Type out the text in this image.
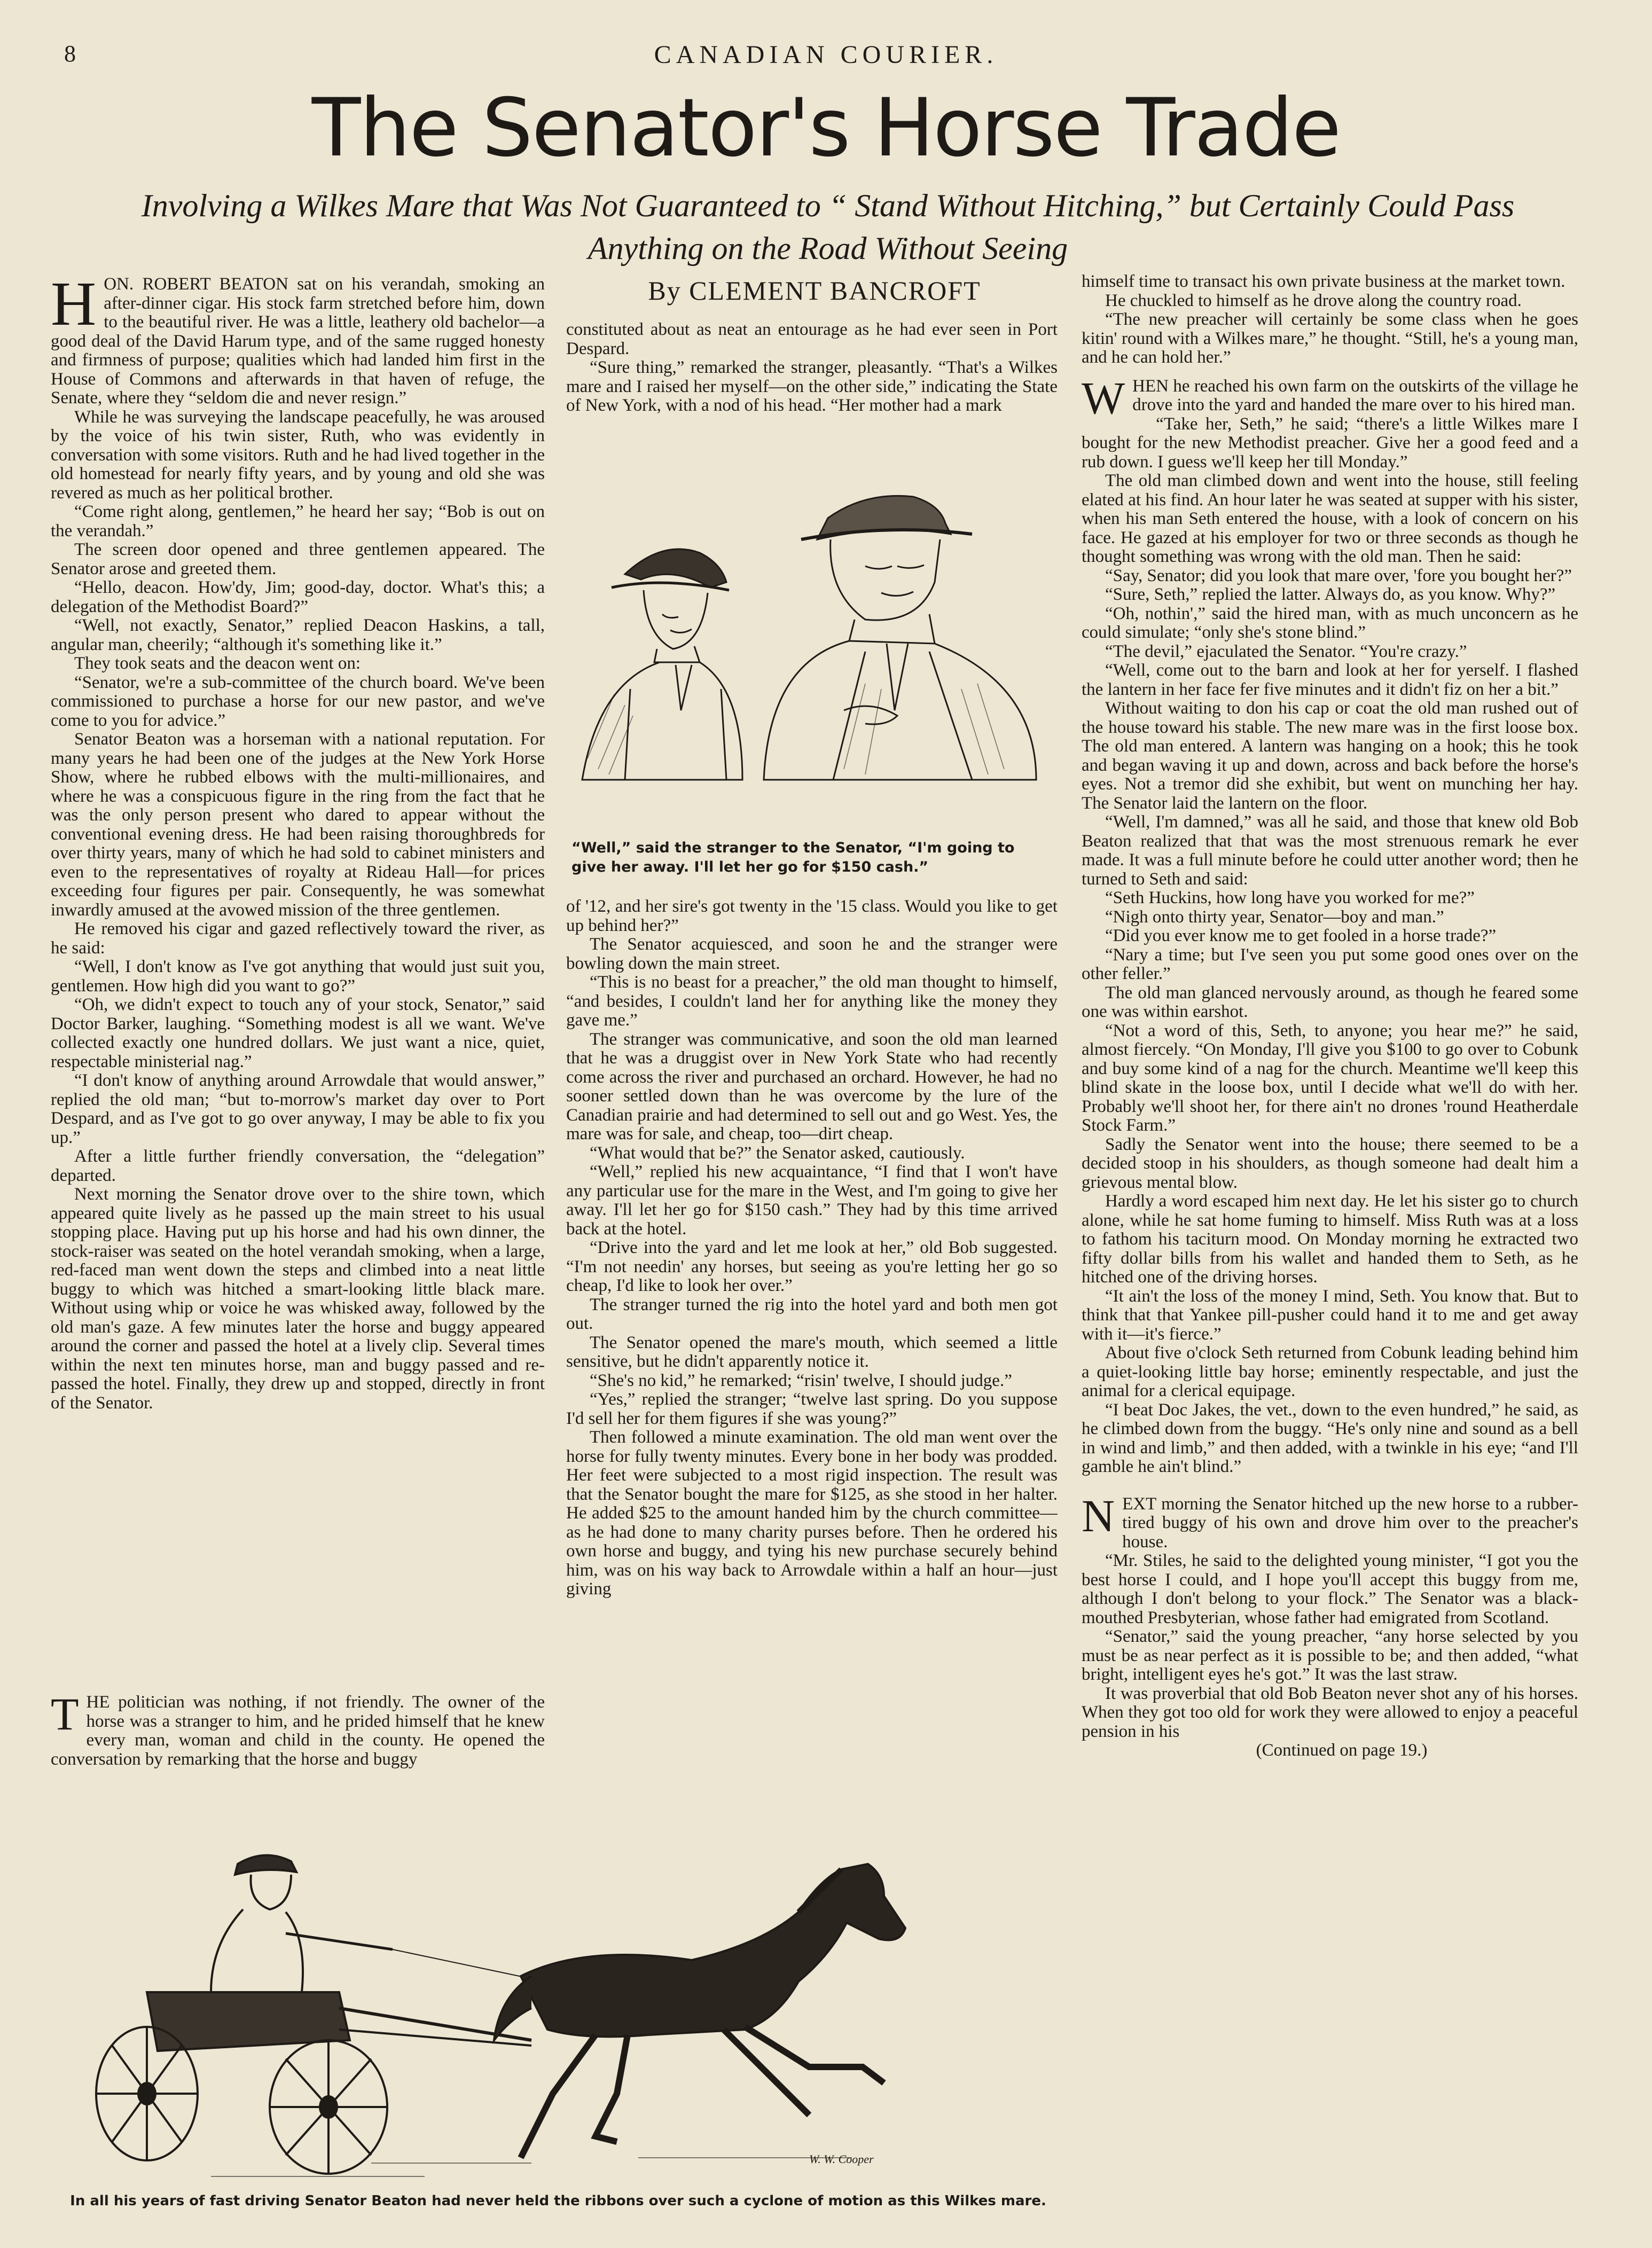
8	CANADIAN COURIER.
The Senator's Horse Trade
Involving a Wilkes Mare that Was Not Guaranteed to “ Stand Without Hitching,” but Certainly Could Pass Anything on the Road Without Seeing

HON. ROBERT BEATON sat on his verandah, smoking an after-dinner cigar. His stock farm stretched before him, down to the beautiful river. He was a little, leathery old bachelor—a good deal of the David Harum type, and of the same rugged honesty and firmness of purpose; qualities which had landed him first in the House of Commons and afterwards in that haven of refuge, the Senate, where they “seldom die and never resign.”

While he was surveying the landscape peacefully, he was aroused by the voice of his twin sister, Ruth, who was evidently in conversation with some visitors. Ruth and he had lived together in the old homestead for nearly fifty years, and by young and old she was revered as much as her political brother.

“Come right along, gentlemen,” he heard her say; “Bob is out on the verandah.”

The screen door opened and three gentlemen appeared. The Senator arose and greeted them.

“Hello, deacon. How'dy, Jim; good-day, doctor. What's this; a delegation of the Methodist Board?”

“Well, not exactly, Senator,” replied Deacon Haskins, a tall, angular man, cheerily; “although it's something like it.”

They took seats and the deacon went on:

“Senator, we're a sub-committee of the church board. We've been commissioned to purchase a horse for our new pastor, and we've come to you for advice.”

Senator Beaton was a horseman with a national reputation. For many years he had been one of the judges at the New York Horse Show, where he rubbed elbows with the multi-millionaires, and where he was a conspicuous figure in the ring from the fact that he was the only person present who dared to appear without the conventional evening dress. He had been raising thoroughbreds for over thirty years, many of which he had sold to cabinet ministers and even to the representatives of royalty at Rideau Hall—for prices exceeding four figures per pair. Consequently, he was somewhat inwardly amused at the avowed mission of the three gentlemen.

He removed his cigar and gazed reflectively toward the river, as he said:

“Well, I don't know as I've got anything that would just suit you, gentlemen. How high did you want to go?”

“Oh, we didn't expect to touch any of your stock, Senator,” said Doctor Barker, laughing. “Something modest is all we want. We've collected exactly one hundred dollars. We just want a nice, quiet, respectable ministerial nag.”

“I don't know of anything around Arrowdale that would answer,” replied the old man; “but to-morrow's market day over to Port Despard, and as I've got to go over anyway, I may be able to fix you up.”

After a little further friendly conversation, the “delegation” departed.

Next morning the Senator drove over to the shire town, which appeared quite lively as he passed up the main street to his usual stopping place. Having put up his horse and had his own dinner, the stock-raiser was seated on the hotel verandah smoking, when a large, red-faced man went down the steps and climbed into a neat little buggy to which was hitched a smart-looking little black mare. Without using whip or voice he was whisked away, followed by the old man's gaze. A few minutes later the horse and buggy appeared around the corner and passed the hotel at a lively clip. Several times within the next ten minutes horse, man and buggy passed and re-passed the hotel. Finally, they drew up and stopped, directly in front of the Senator.

THE politician was nothing, if not friendly. The owner of the horse was a stranger to him, and he prided himself that he knew every man, woman and child in the county. He opened the conversation by remarking that the horse and buggy

By CLEMENT BANCROFT

constituted about as neat an entourage as he had ever seen in Port Despard.

“Sure thing,” remarked the stranger, pleasantly. “That's a Wilkes mare and I raised her myself—on the other side,” indicating the State of New York, with a nod of his head. “Her mother had a mark

“Well,” said the stranger to the Senator, “I'm going to give her away. I'll let her go for $150 cash.”

of '12, and her sire's got twenty in the '15 class. Would you like to get up behind her?”

The Senator acquiesced, and soon he and the stranger were bowling down the main street.

“This is no beast for a preacher,” the old man thought to himself, “and besides, I couldn't land her for anything like the money they gave me.”

The stranger was communicative, and soon the old man learned that he was a druggist over in New York State who had recently come across the river and purchased an orchard. However, he had no sooner settled down than he was overcome by the lure of the Canadian prairie and had determined to sell out and go West. Yes, the mare was for sale, and cheap, too—dirt cheap.

“What would that be?” the Senator asked, cautiously.

“Well,” replied his new acquaintance, “I find that I won't have any particular use for the mare in the West, and I'm going to give her away. I'll let her go for $150 cash.” They had by this time arrived back at the hotel.

“Drive into the yard and let me look at her,” old Bob suggested. “I'm not needin' any horses, but seeing as you're letting her go so cheap, I'd like to look her over.”

The stranger turned the rig into the hotel yard and both men got out.

The Senator opened the mare's mouth, which seemed a little sensitive, but he didn't apparently notice it.

“She's no kid,” he remarked; “risin' twelve, I should judge.”

“Yes,” replied the stranger; “twelve last spring. Do you suppose I'd sell her for them figures if she was young?”

Then followed a minute examination. The old man went over the horse for fully twenty minutes. Every bone in her body was prodded. Her feet were subjected to a most rigid inspection. The result was that the Senator bought the mare for $125, as she stood in her halter. He added $25 to the amount handed him by the church committee—as he had done to many charity purses before. Then he ordered his own horse and buggy, and tying his new purchase securely behind him, was on his way back to Arrowdale within a half an hour—just giving

himself time to transact his own private business at the market town.

He chuckled to himself as he drove along the country road.

“The new preacher will certainly be some class when he goes kitin' round with a Wilkes mare,” he thought. “Still, he's a young man, and he can hold her.”

WHEN he reached his own farm on the outskirts of the village he drove into the yard and handed the mare over to his hired man.

“Take her, Seth,” he said; “there's a little Wilkes mare I bought for the new Methodist preacher. Give her a good feed and a rub down. I guess we'll keep her till Monday.”

The old man climbed down and went into the house, still feeling elated at his find. An hour later he was seated at supper with his sister, when his man Seth entered the house, with a look of concern on his face. He gazed at his employer for two or three seconds as though he thought something was wrong with the old man. Then he said:

“Say, Senator; did you look that mare over, 'fore you bought her?”

“Sure, Seth,” replied the latter. Always do, as you know. Why?”

“Oh, nothin',” said the hired man, with as much unconcern as he could simulate; “only she's stone blind.”

“The devil,” ejaculated the Senator. “You're crazy.”

“Well, come out to the barn and look at her for yerself. I flashed the lantern in her face fer five minutes and it didn't fiz on her a bit.”

Without waiting to don his cap or coat the old man rushed out of the house toward his stable. The new mare was in the first loose box. The old man entered. A lantern was hanging on a hook; this he took and began waving it up and down, across and back before the horse's eyes. Not a tremor did she exhibit, but went on munching her hay. The Senator laid the lantern on the floor.

“Well, I'm damned,” was all he said, and those that knew old Bob Beaton realized that that was the most strenuous remark he ever made. It was a full minute before he could utter another word; then he turned to Seth and said:

“Seth Huckins, how long have you worked for me?”

“Nigh onto thirty year, Senator—boy and man.”

“Did you ever know me to get fooled in a horse trade?”

“Nary a time; but I've seen you put some good ones over on the other feller.”

The old man glanced nervously around, as though he feared some one was within earshot.

“Not a word of this, Seth, to anyone; you hear me?” he said, almost fiercely. “On Monday, I'll give you $100 to go over to Cobunk and buy some kind of a nag for the church. Meantime we'll keep this blind skate in the loose box, until I decide what we'll do with her. Probably we'll shoot her, for there ain't no drones 'round Heatherdale Stock Farm.”

Sadly the Senator went into the house; there seemed to be a decided stoop in his shoulders, as though someone had dealt him a grievous mental blow.

Hardly a word escaped him next day. He let his sister go to church alone, while he sat home fuming to himself. Miss Ruth was at a loss to fathom his taciturn mood. On Monday morning he extracted two fifty dollar bills from his wallet and handed them to Seth, as he hitched one of the driving horses.

“It ain't the loss of the money I mind, Seth. You know that. But to think that that Yankee pill-pusher could hand it to me and get away with it—it's fierce.”

About five o'clock Seth returned from Cobunk leading behind him a quiet-looking little bay horse; eminently respectable, and just the animal for a clerical equipage.

“I beat Doc Jakes, the vet., down to the even hundred,” he said, as he climbed down from the buggy. “He's only nine and sound as a bell in wind and limb,” and then added, with a twinkle in his eye; “and I'll gamble he ain't blind.”

NEXT morning the Senator hitched up the new horse to a rubber-tired buggy of his own and drove him over to the preacher's house.

“Mr. Stiles, he said to the delighted young minister, “I got you the best horse I could, and I hope you'll accept this buggy from me, although I don't belong to your flock.” The Senator was a black-mouthed Presbyterian, whose father had emigrated from Scotland.

“Senator,” said the young preacher, “any horse selected by you must be as near perfect as it is possible to be; and then added, “what bright, intelligent eyes he's got.” It was the last straw.

It was proverbial that old Bob Beaton never shot any of his horses. When they got too old for work they were allowed to enjoy a peaceful pension in his

(Continued on page 19.)

W. W. Cooper
In all his years of fast driving Senator Beaton had never held the ribbons over such a cyclone of motion as this Wilkes mare.
